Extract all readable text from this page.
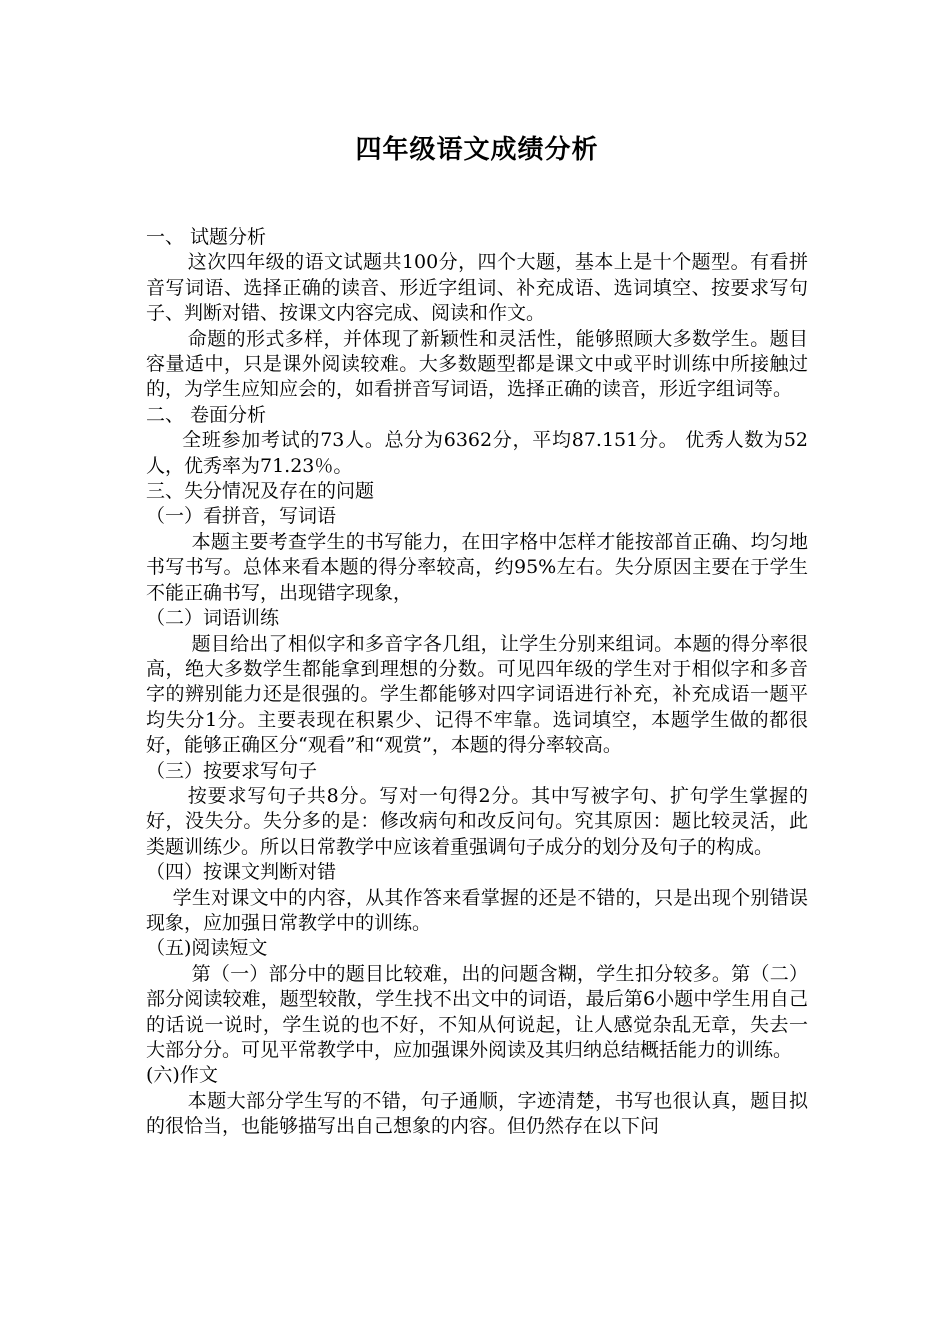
四年级语文成绩分析

一、 试题分析

这次四年级的语文试题共100分，四个大题，基本上是十个题型。有看拼音写词语、选择正确的读音、形近字组词、补充成语、选词填空、按要求写句子、判断对错、按课文内容完成、阅读和作文。

命题的形式多样，并体现了新颖性和灵活性，能够照顾大多数学生。题目容量适中，只是课外阅读较难。大多数题型都是课文中或平时训练中所接触过的，为学生应知应会的，如看拼音写词语，选择正确的读音，形近字组词等。

二、 卷面分析

全班参加考试的73人。总分为6362分，平均87.151分。 优秀人数为52人，优秀率为71.23％。

三、失分情况及存在的问题

（一）看拼音，写词语

本题主要考查学生的书写能力，在田字格中怎样才能按部首正确、均匀地书写书写。总体来看本题的得分率较高，约95%左右。失分原因主要在于学生不能正确书写，出现错字现象，

（二）词语训练

题目给出了相似字和多音字各几组，让学生分别来组词。本题的得分率很高，绝大多数学生都能拿到理想的分数。可见四年级的学生对于相似字和多音字的辨别能力还是很强的。学生都能够对四字词语进行补充，补充成语一题平均失分1分。主要表现在积累少、记得不牢靠。选词填空，本题学生做的都很好，能够正确区分“观看”和“观赏”，本题的得分率较高。

（三）按要求写句子

按要求写句子共8分。写对一句得2分。其中写被字句、扩句学生掌握的好，没失分。失分多的是：修改病句和改反问句。究其原因：题比较灵活，此类题训练少。所以日常教学中应该着重强调句子成分的划分及句子的构成。

（四）按课文判断对错

学生对课文中的内容，从其作答来看掌握的还是不错的，只是出现个别错误现象，应加强日常教学中的训练。

（五)阅读短文

第（一）部分中的题目比较难，出的问题含糊，学生扣分较多。第（二）部分阅读较难，题型较散，学生找不出文中的词语，最后第6小题中学生用自己的话说一说时，学生说的也不好，不知从何说起，让人感觉杂乱无章，失去一大部分分。可见平常教学中，应加强课外阅读及其归纳总结概括能力的训练。

(六)作文

本题大部分学生写的不错，句子通顺，字迹清楚，书写也很认真，题目拟的很恰当，也能够描写出自己想象的内容。但仍然存在以下问
